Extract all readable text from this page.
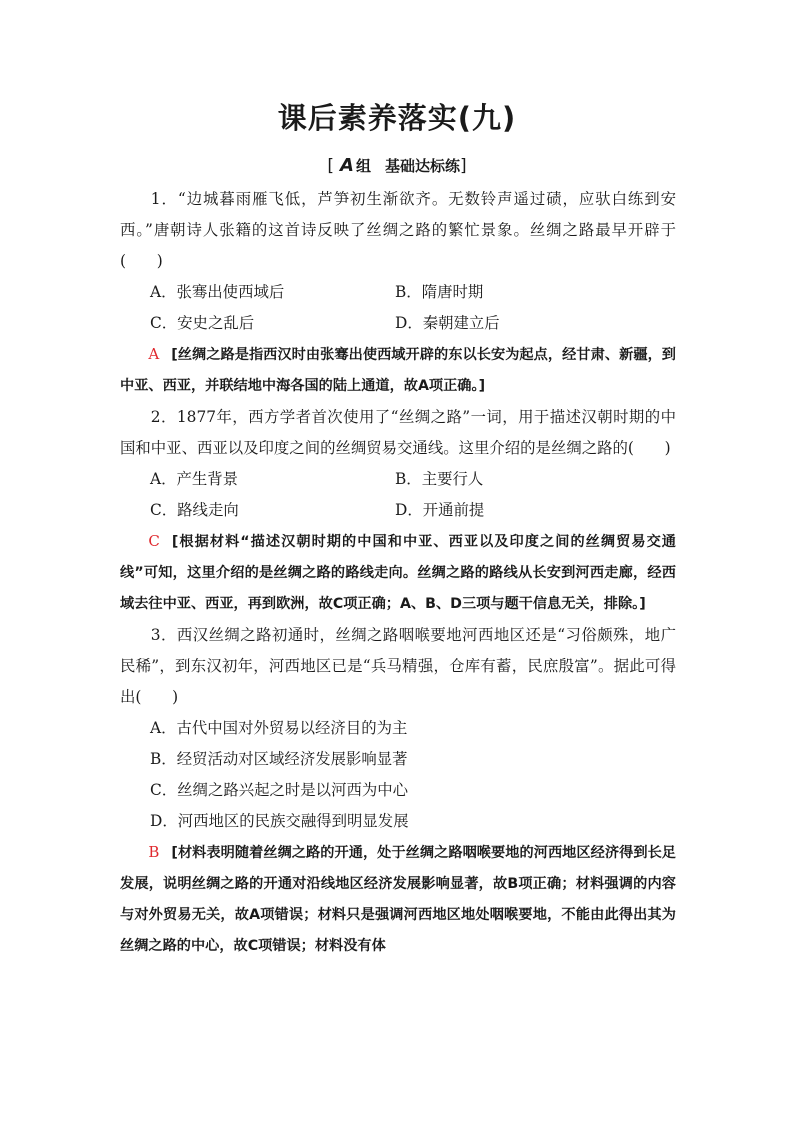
课后素养落实(九)
[ A 组 基础达标练]

1．“边城暮雨雁飞低，芦笋初生渐欲齐。无数铃声遥过碛，应驮白练到安西。”唐朝诗人张籍的这首诗反映了丝绸之路的繁忙景象。丝绸之路最早开辟于(　　)

A．张骞出使西域后	B．隋唐时期
C．安史之乱后	D．秦朝建立后

A [丝绸之路是指西汉时由张骞出使西域开辟的东以长安为起点，经甘肃、新疆，到中亚、西亚，并联结地中海各国的陆上通道，故A项正确。]

2．1877年，西方学者首次使用了“丝绸之路”一词，用于描述汉朝时期的中国和中亚、西亚以及印度之间的丝绸贸易交通线。这里介绍的是丝绸之路的(　　)

A．产生背景	B．主要行人
C．路线走向	D．开通前提

C [根据材料“描述汉朝时期的中国和中亚、西亚以及印度之间的丝绸贸易交通线”可知，这里介绍的是丝绸之路的路线走向。丝绸之路的路线从长安到河西走廊，经西域去往中亚、西亚，再到欧洲，故C项正确；A、B、D三项与题干信息无关，排除。]

3．西汉丝绸之路初通时，丝绸之路咽喉要地河西地区还是“习俗颇殊，地广民稀”，到东汉初年，河西地区已是“兵马精强，仓库有蓄，民庶殷富”。据此可得出(　　)

A．古代中国对外贸易以经济目的为主
B．经贸活动对区域经济发展影响显著
C．丝绸之路兴起之时是以河西为中心
D．河西地区的民族交融得到明显发展

B [材料表明随着丝绸之路的开通，处于丝绸之路咽喉要地的河西地区经济得到长足发展，说明丝绸之路的开通对沿线地区经济发展影响显著，故B项正确；材料强调的内容与对外贸易无关，故A项错误；材料只是强调河西地区地处咽喉要地，不能由此得出其为丝绸之路的中心，故C项错误；材料没有体
